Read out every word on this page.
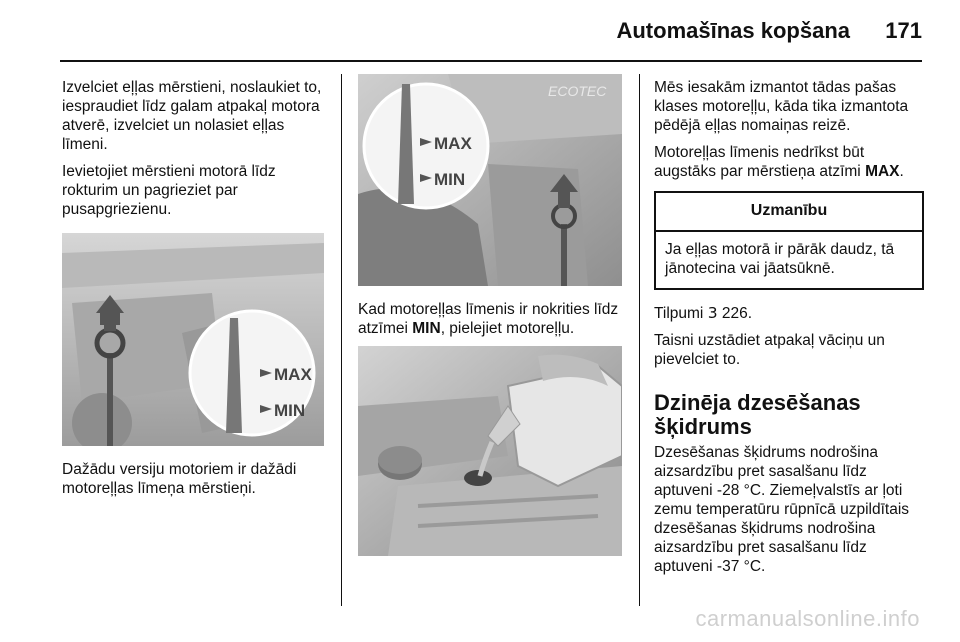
Automašīnas kopšana 171

Izvelciet eļļas mērstieni, noslaukiet to, iespraudiet līdz galam atpakaļ motora atverē, izvelciet un nolasiet eļļas līmeni.

Ievietojiet mērstieni motorā līdz rokturim un pagrieziet par pusapgriezienu.

MAX
MIN

Dažādu versiju motoriem ir dažādi motoreļļas līmeņa mērstieņi.

ECOTEC
MAX
MIN

Kad motoreļļas līmenis ir nokrities līdz atzīmei MIN, pielejiet motoreļļu.

Mēs iesakām izmantot tādas pašas klases motoreļļu, kāda tika izmantota pēdējā eļļas nomaiņas reizē.

Motoreļļas līmenis nedrīkst būt augstāks par mērstieņa atzīmi MAX.

Uzmanību
Ja eļļas motorā ir pārāk daudz, tā jānotecina vai jāatsūknē.

Tilpumi 3 226.

Taisni uzstādiet atpakaļ vāciņu un pievelciet to.

Dzinēja dzesēšanas šķidrums

Dzesēšanas šķidrums nodrošina aizsardzību pret sasalšanu līdz aptuveni -28 °C. Ziemeļvalstīs ar ļoti zemu temperatūru rūpnīcā uzpildītais dzesēšanas šķidrums nodrošina aizsardzību pret sasalšanu līdz aptuveni -37 °C.

carmanualsonline.info
